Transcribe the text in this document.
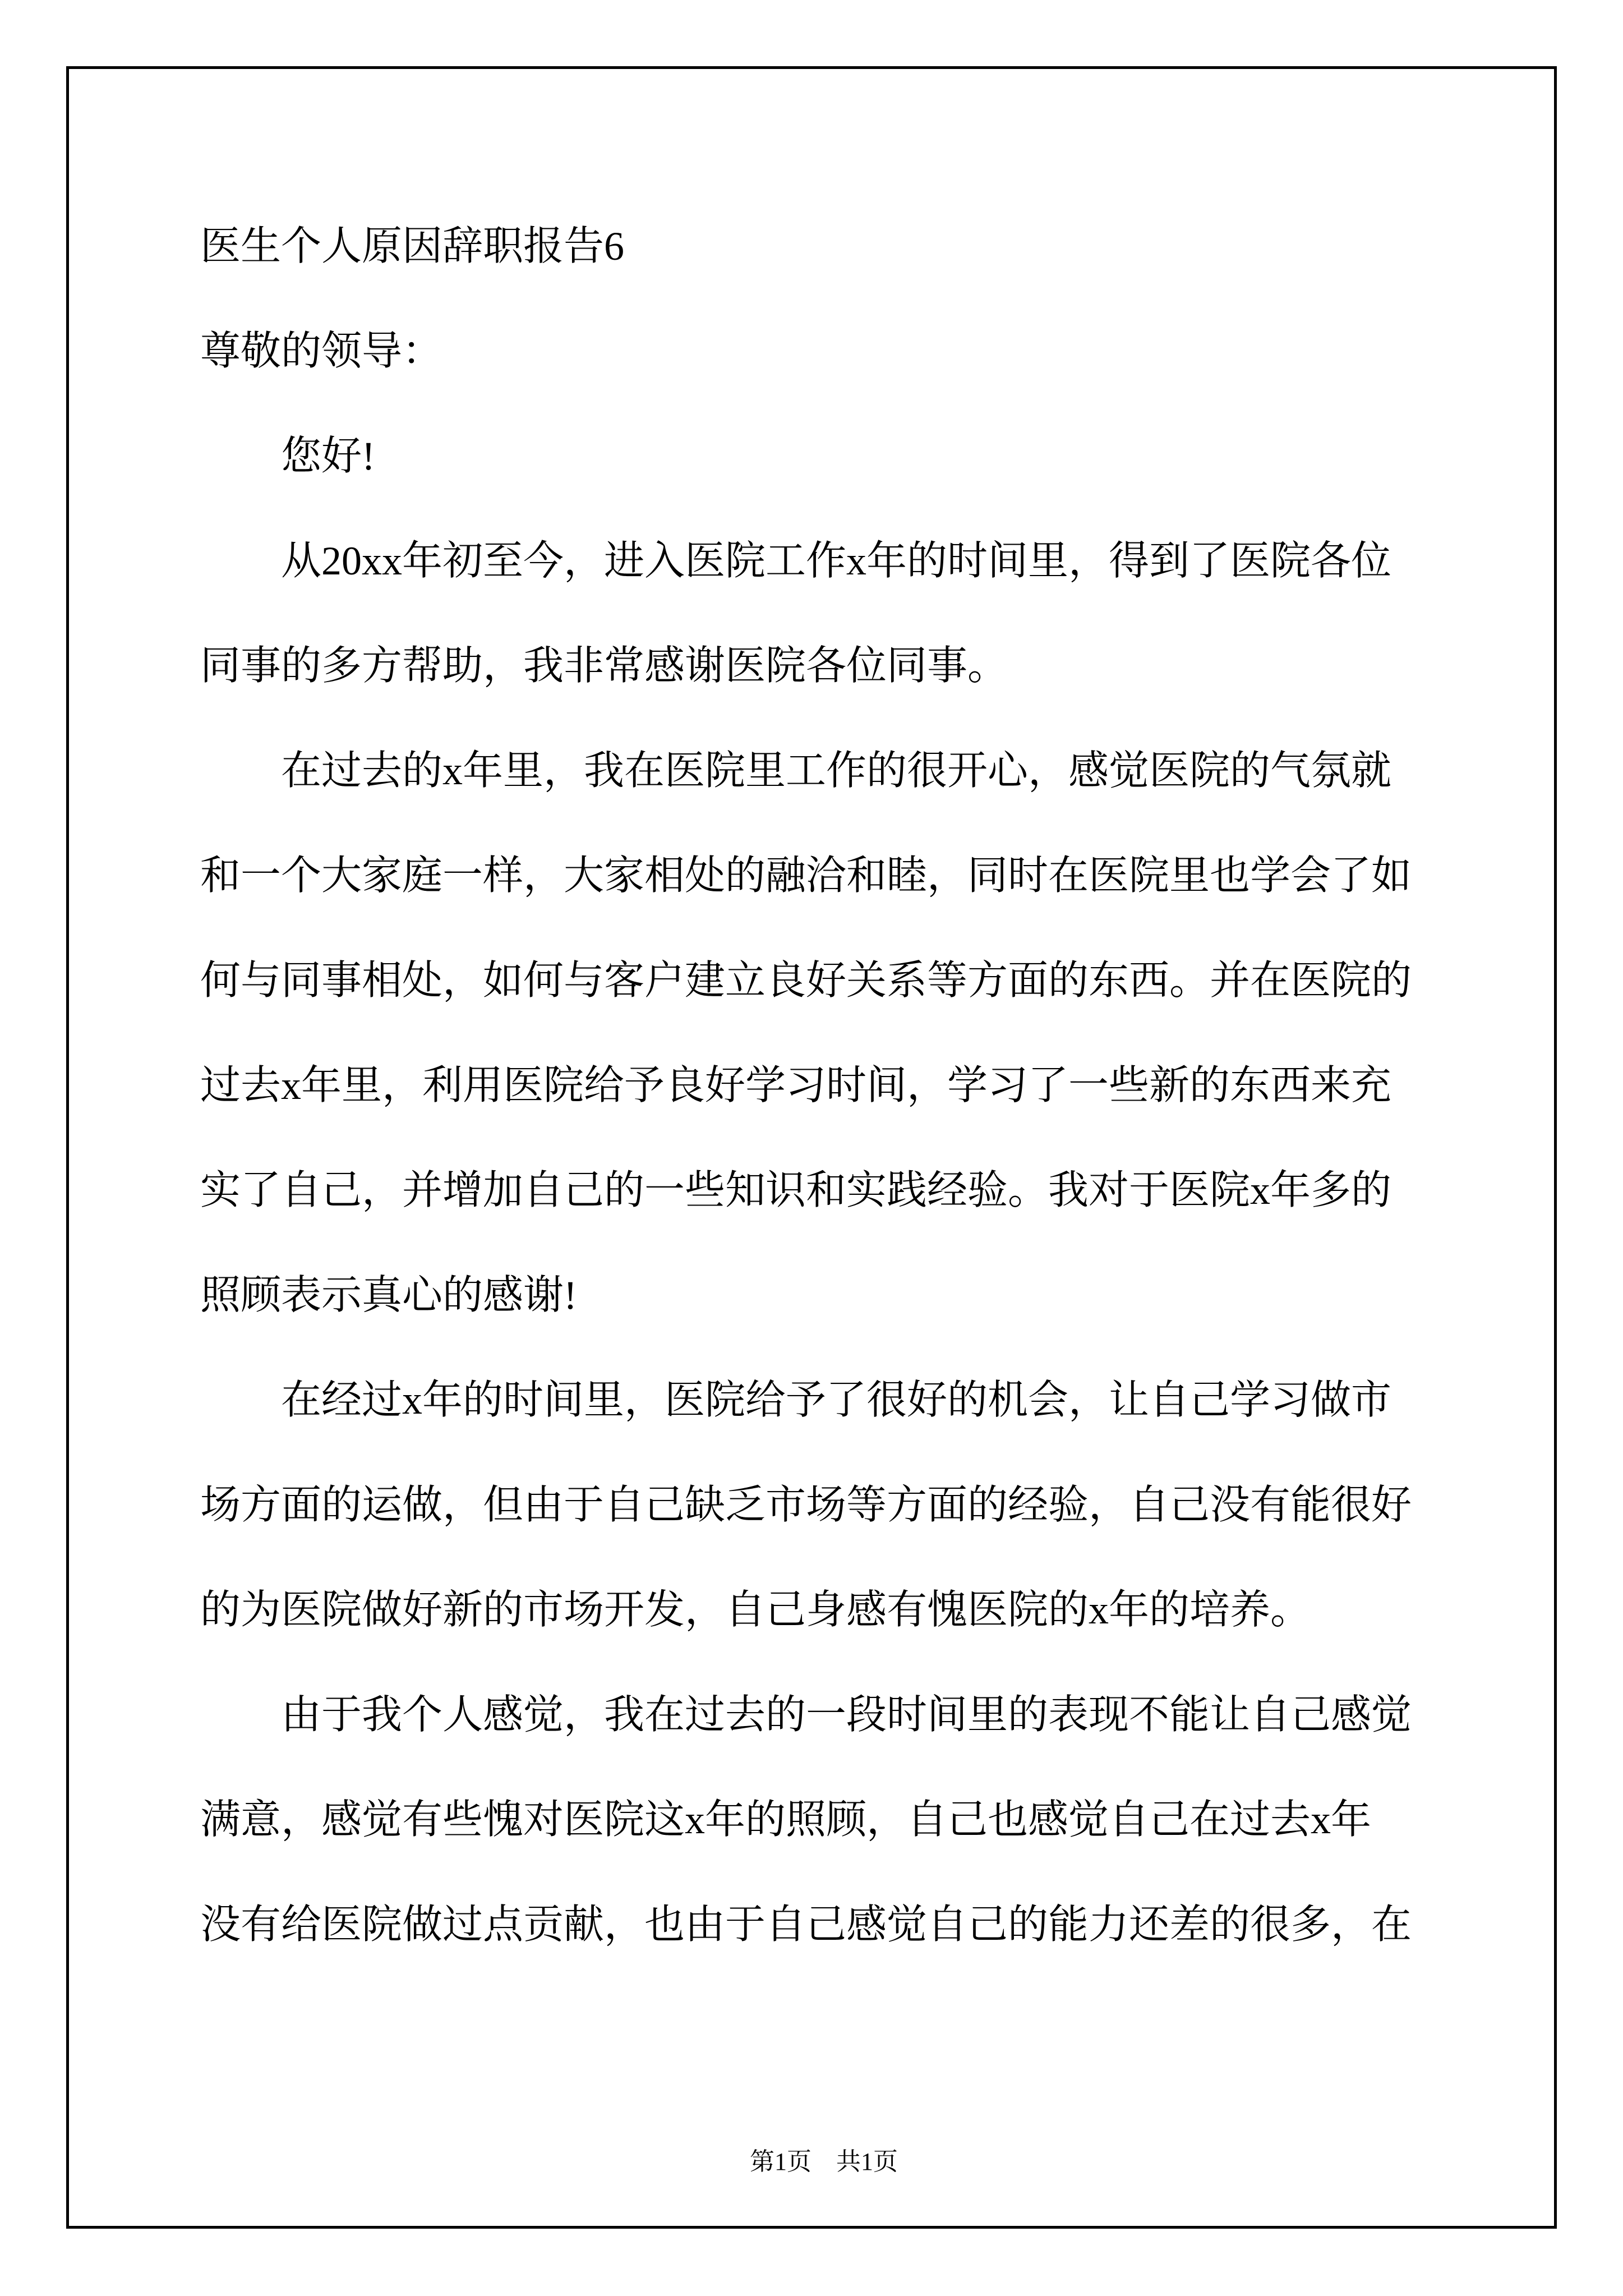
医生个人原因辞职报告6
尊敬的领导：
您好!
从20xx年初至今，进入医院工作x年的时间里，得到了医院各位
同事的多方帮助，我非常感谢医院各位同事。
在过去的x年里，我在医院里工作的很开心，感觉医院的气氛就
和一个大家庭一样，大家相处的融洽和睦，同时在医院里也学会了如
何与同事相处，如何与客户建立良好关系等方面的东西。并在医院的
过去x年里，利用医院给予良好学习时间，学习了一些新的东西来充
实了自己，并增加自己的一些知识和实践经验。我对于医院x年多的
照顾表示真心的感谢!
在经过x年的时间里，医院给予了很好的机会，让自己学习做市
场方面的运做，但由于自己缺乏市场等方面的经验，自己没有能很好
的为医院做好新的市场开发，自己身感有愧医院的x年的培养。
由于我个人感觉，我在过去的一段时间里的表现不能让自己感觉
满意，感觉有些愧对医院这x年的照顾，自己也感觉自己在过去x年
没有给医院做过点贡献，也由于自己感觉自己的能力还差的很多，在

第1页　共1页
